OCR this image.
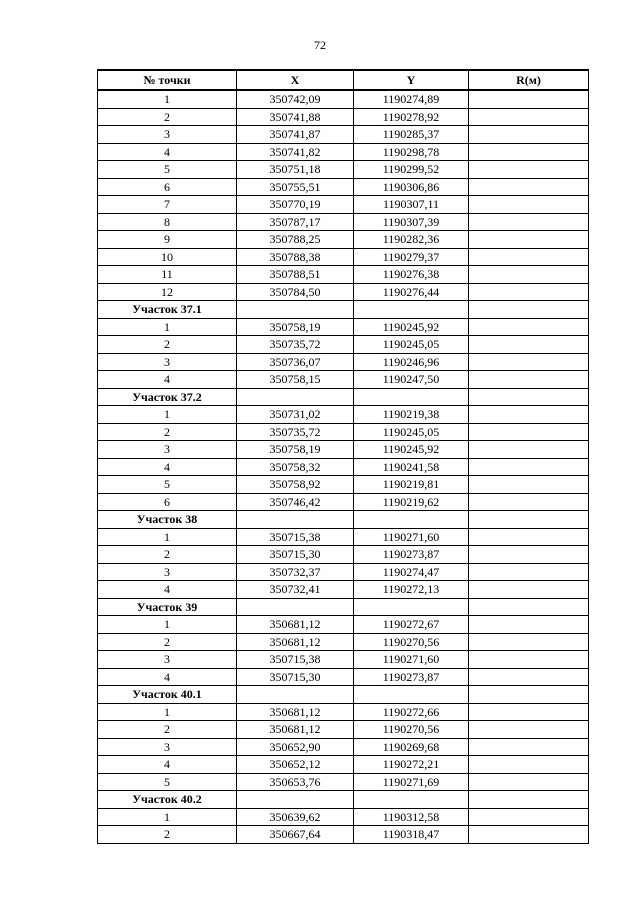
72
№ точки	X	Y	R(м)
1	350742,09	1190274,89	
2	350741,88	1190278,92	
3	350741,87	1190285,37	
4	350741,82	1190298,78	
5	350751,18	1190299,52	
6	350755,51	1190306,86	
7	350770,19	1190307,11	
8	350787,17	1190307,39	
9	350788,25	1190282,36	
10	350788,38	1190279,37	
11	350788,51	1190276,38	
12	350784,50	1190276,44	
Участок 37.1			
1	350758,19	1190245,92	
2	350735,72	1190245,05	
3	350736,07	1190246,96	
4	350758,15	1190247,50	
Участок 37.2			
1	350731,02	1190219,38	
2	350735,72	1190245,05	
3	350758,19	1190245,92	
4	350758,32	1190241,58	
5	350758,92	1190219,81	
6	350746,42	1190219,62	
Участок 38			
1	350715,38	1190271,60	
2	350715,30	1190273,87	
3	350732,37	1190274,47	
4	350732,41	1190272,13	
Участок 39			
1	350681,12	1190272,67	
2	350681,12	1190270,56	
3	350715,38	1190271,60	
4	350715,30	1190273,87	
Участок 40.1			
1	350681,12	1190272,66	
2	350681,12	1190270,56	
3	350652,90	1190269,68	
4	350652,12	1190272,21	
5	350653,76	1190271,69	
Участок 40.2			
1	350639,62	1190312,58	
2	350667,64	1190318,47	
